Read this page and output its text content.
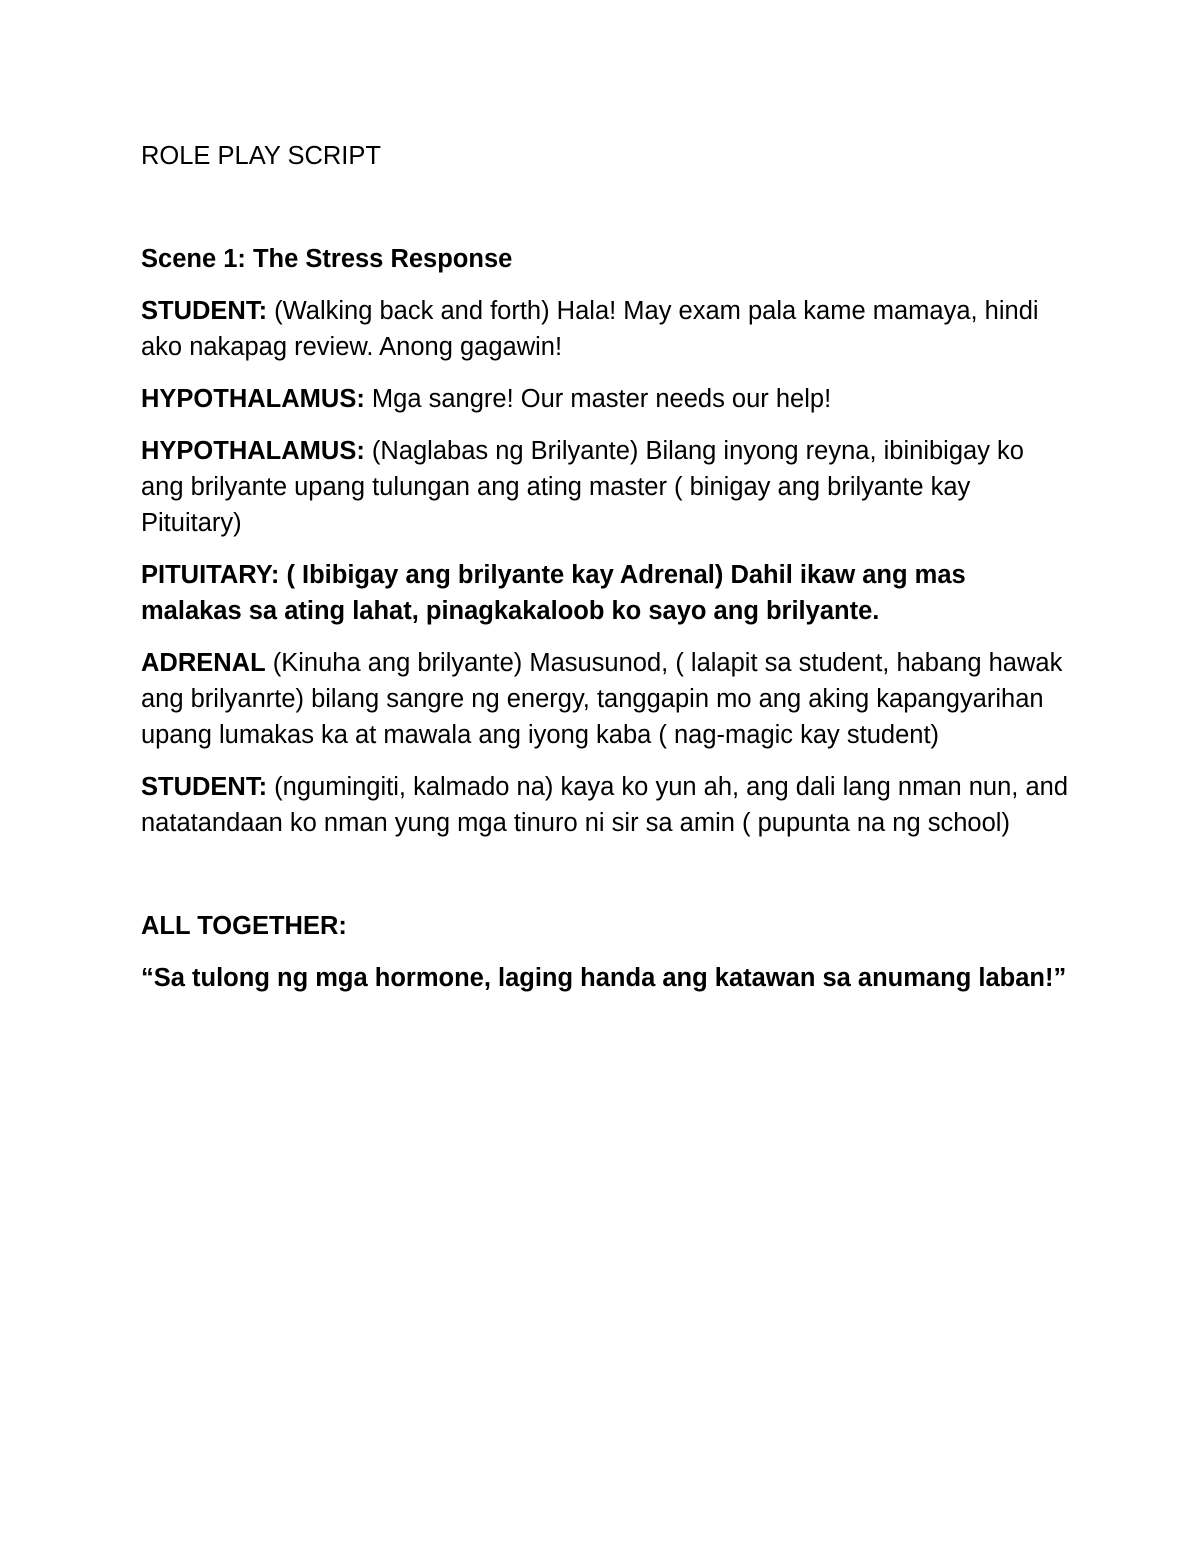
ROLE PLAY SCRIPT
Scene 1: The Stress Response

STUDENT: (Walking back and forth) Hala! May exam pala kame mamaya, hindi ako nakapag review. Anong gagawin!

HYPOTHALAMUS: Mga sangre! Our master needs our help!

HYPOTHALAMUS: (Naglabas ng Brilyante) Bilang inyong reyna, ibinibigay ko ang brilyante upang tulungan ang ating master ( binigay ang brilyante kay Pituitary)

PITUITARY: ( Ibibigay ang brilyante kay Adrenal) Dahil ikaw ang mas malakas sa ating lahat, pinagkakaloob ko sayo ang brilyante.

ADRENAL (Kinuha ang brilyante) Masusunod, ( lalapit sa student, habang hawak ang brilyanrte) bilang sangre ng energy, tanggapin mo ang aking kapangyarihan upang lumakas ka at mawala ang iyong kaba ( nag-magic kay student)

STUDENT: (ngumingiti, kalmado na) kaya ko yun ah, ang dali lang nman nun, and natatandaan ko nman yung mga tinuro ni sir sa amin ( pupunta na ng school)

ALL TOGETHER:

“Sa tulong ng mga hormone, laging handa ang katawan sa anumang laban!”
